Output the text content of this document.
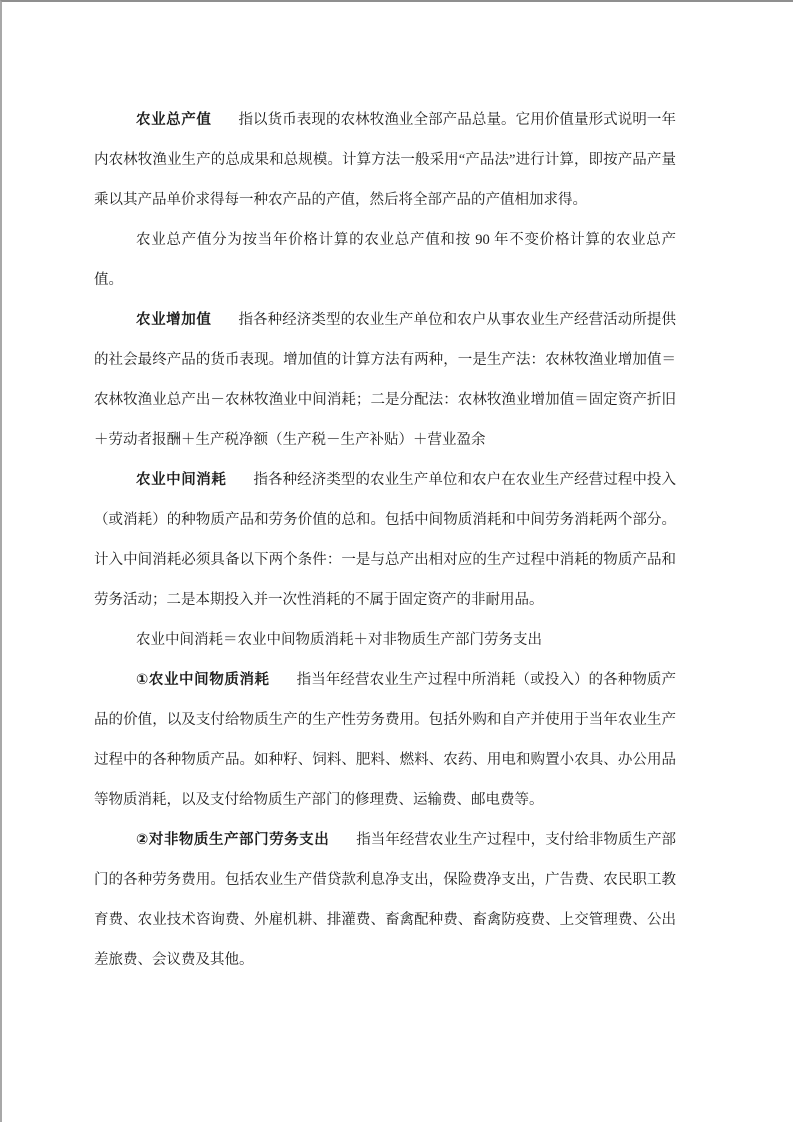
农业总产值 指以货币表现的农林牧渔业全部产品总量。它用价值量形式说明一年内农林牧渔业生产的总成果和总规模。计算方法一般采用“产品法”进行计算，即按产品产量乘以其产品单价求得每一种农产品的产值，然后将全部产品的产值相加求得。

农业总产值分为按当年价格计算的农业总产值和按 90 年不变价格计算的农业总产值。

农业增加值 指各种经济类型的农业生产单位和农户从事农业生产经营活动所提供的社会最终产品的货币表现。增加值的计算方法有两种，一是生产法：农林牧渔业增加值＝农林牧渔业总产出－农林牧渔业中间消耗；二是分配法：农林牧渔业增加值＝固定资产折旧＋劳动者报酬＋生产税净额（生产税－生产补贴）＋营业盈余

农业中间消耗 指各种经济类型的农业生产单位和农户在农业生产经营过程中投入（或消耗）的种物质产品和劳务价值的总和。包括中间物质消耗和中间劳务消耗两个部分。计入中间消耗必须具备以下两个条件：一是与总产出相对应的生产过程中消耗的物质产品和劳务活动；二是本期投入并一次性消耗的不属于固定资产的非耐用品。

农业中间消耗＝农业中间物质消耗＋对非物质生产部门劳务支出

①农业中间物质消耗 指当年经营农业生产过程中所消耗（或投入）的各种物质产品的价值，以及支付给物质生产的生产性劳务费用。包括外购和自产并使用于当年农业生产过程中的各种物质产品。如种籽、饲料、肥料、燃料、农药、用电和购置小农具、办公用品等物质消耗，以及支付给物质生产部门的修理费、运输费、邮电费等。

②对非物质生产部门劳务支出 指当年经营农业生产过程中，支付给非物质生产部门的各种劳务费用。包括农业生产借贷款利息净支出，保险费净支出，广告费、农民职工教育费、农业技术咨询费、外雇机耕、排灌费、畜禽配种费、畜禽防疫费、上交管理费、公出差旅费、会议费及其他。
